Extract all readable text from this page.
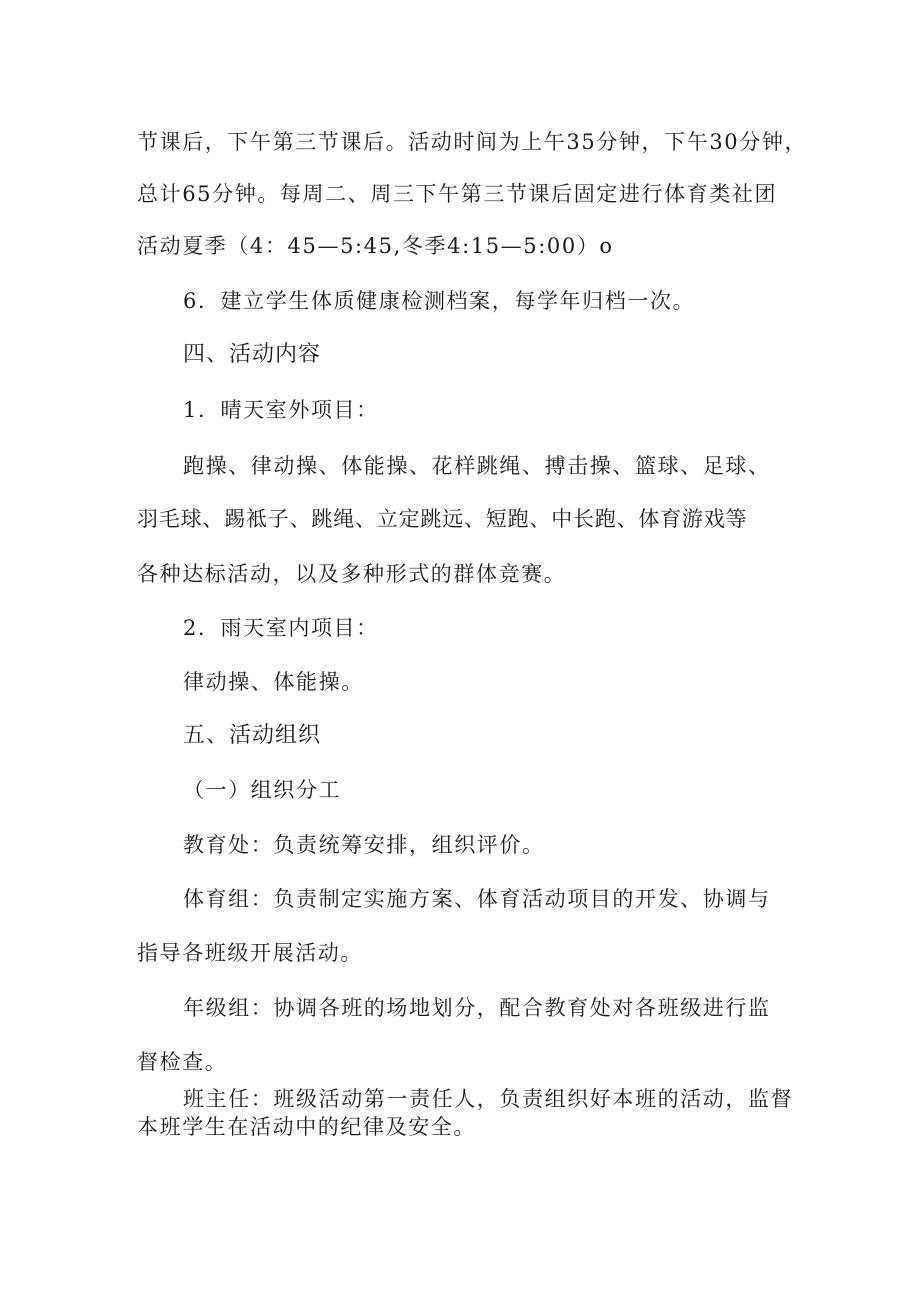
节课后，下午第三节课后。活动时间为上午35分钟，下午30分钟，
总计65分钟。每周二、周三下午第三节课后固定进行体育类社团
活动夏季（4：45—5:45,冬季4:15—5:00）o
6．建立学生体质健康检测档案，每学年归档一次。
四、活动内容
1．晴天室外项目：
跑操、律动操、体能操、花样跳绳、搏击操、篮球、足球、
羽毛球、踢袛子、跳绳、立定跳远、短跑、中长跑、体育游戏等
各种达标活动，以及多种形式的群体竞赛。
2．雨天室内项目：
律动操、体能操。
五、活动组织
（一）组织分工
教育处：负责统筹安排，组织评价。
体育组：负责制定实施方案、体育活动项目的开发、协调与
指导各班级开展活动。
年级组：协调各班的场地划分，配合教育处对各班级进行监
督检查。
班主任：班级活动第一责任人，负责组织好本班的活动，监督
本班学生在活动中的纪律及安全。
